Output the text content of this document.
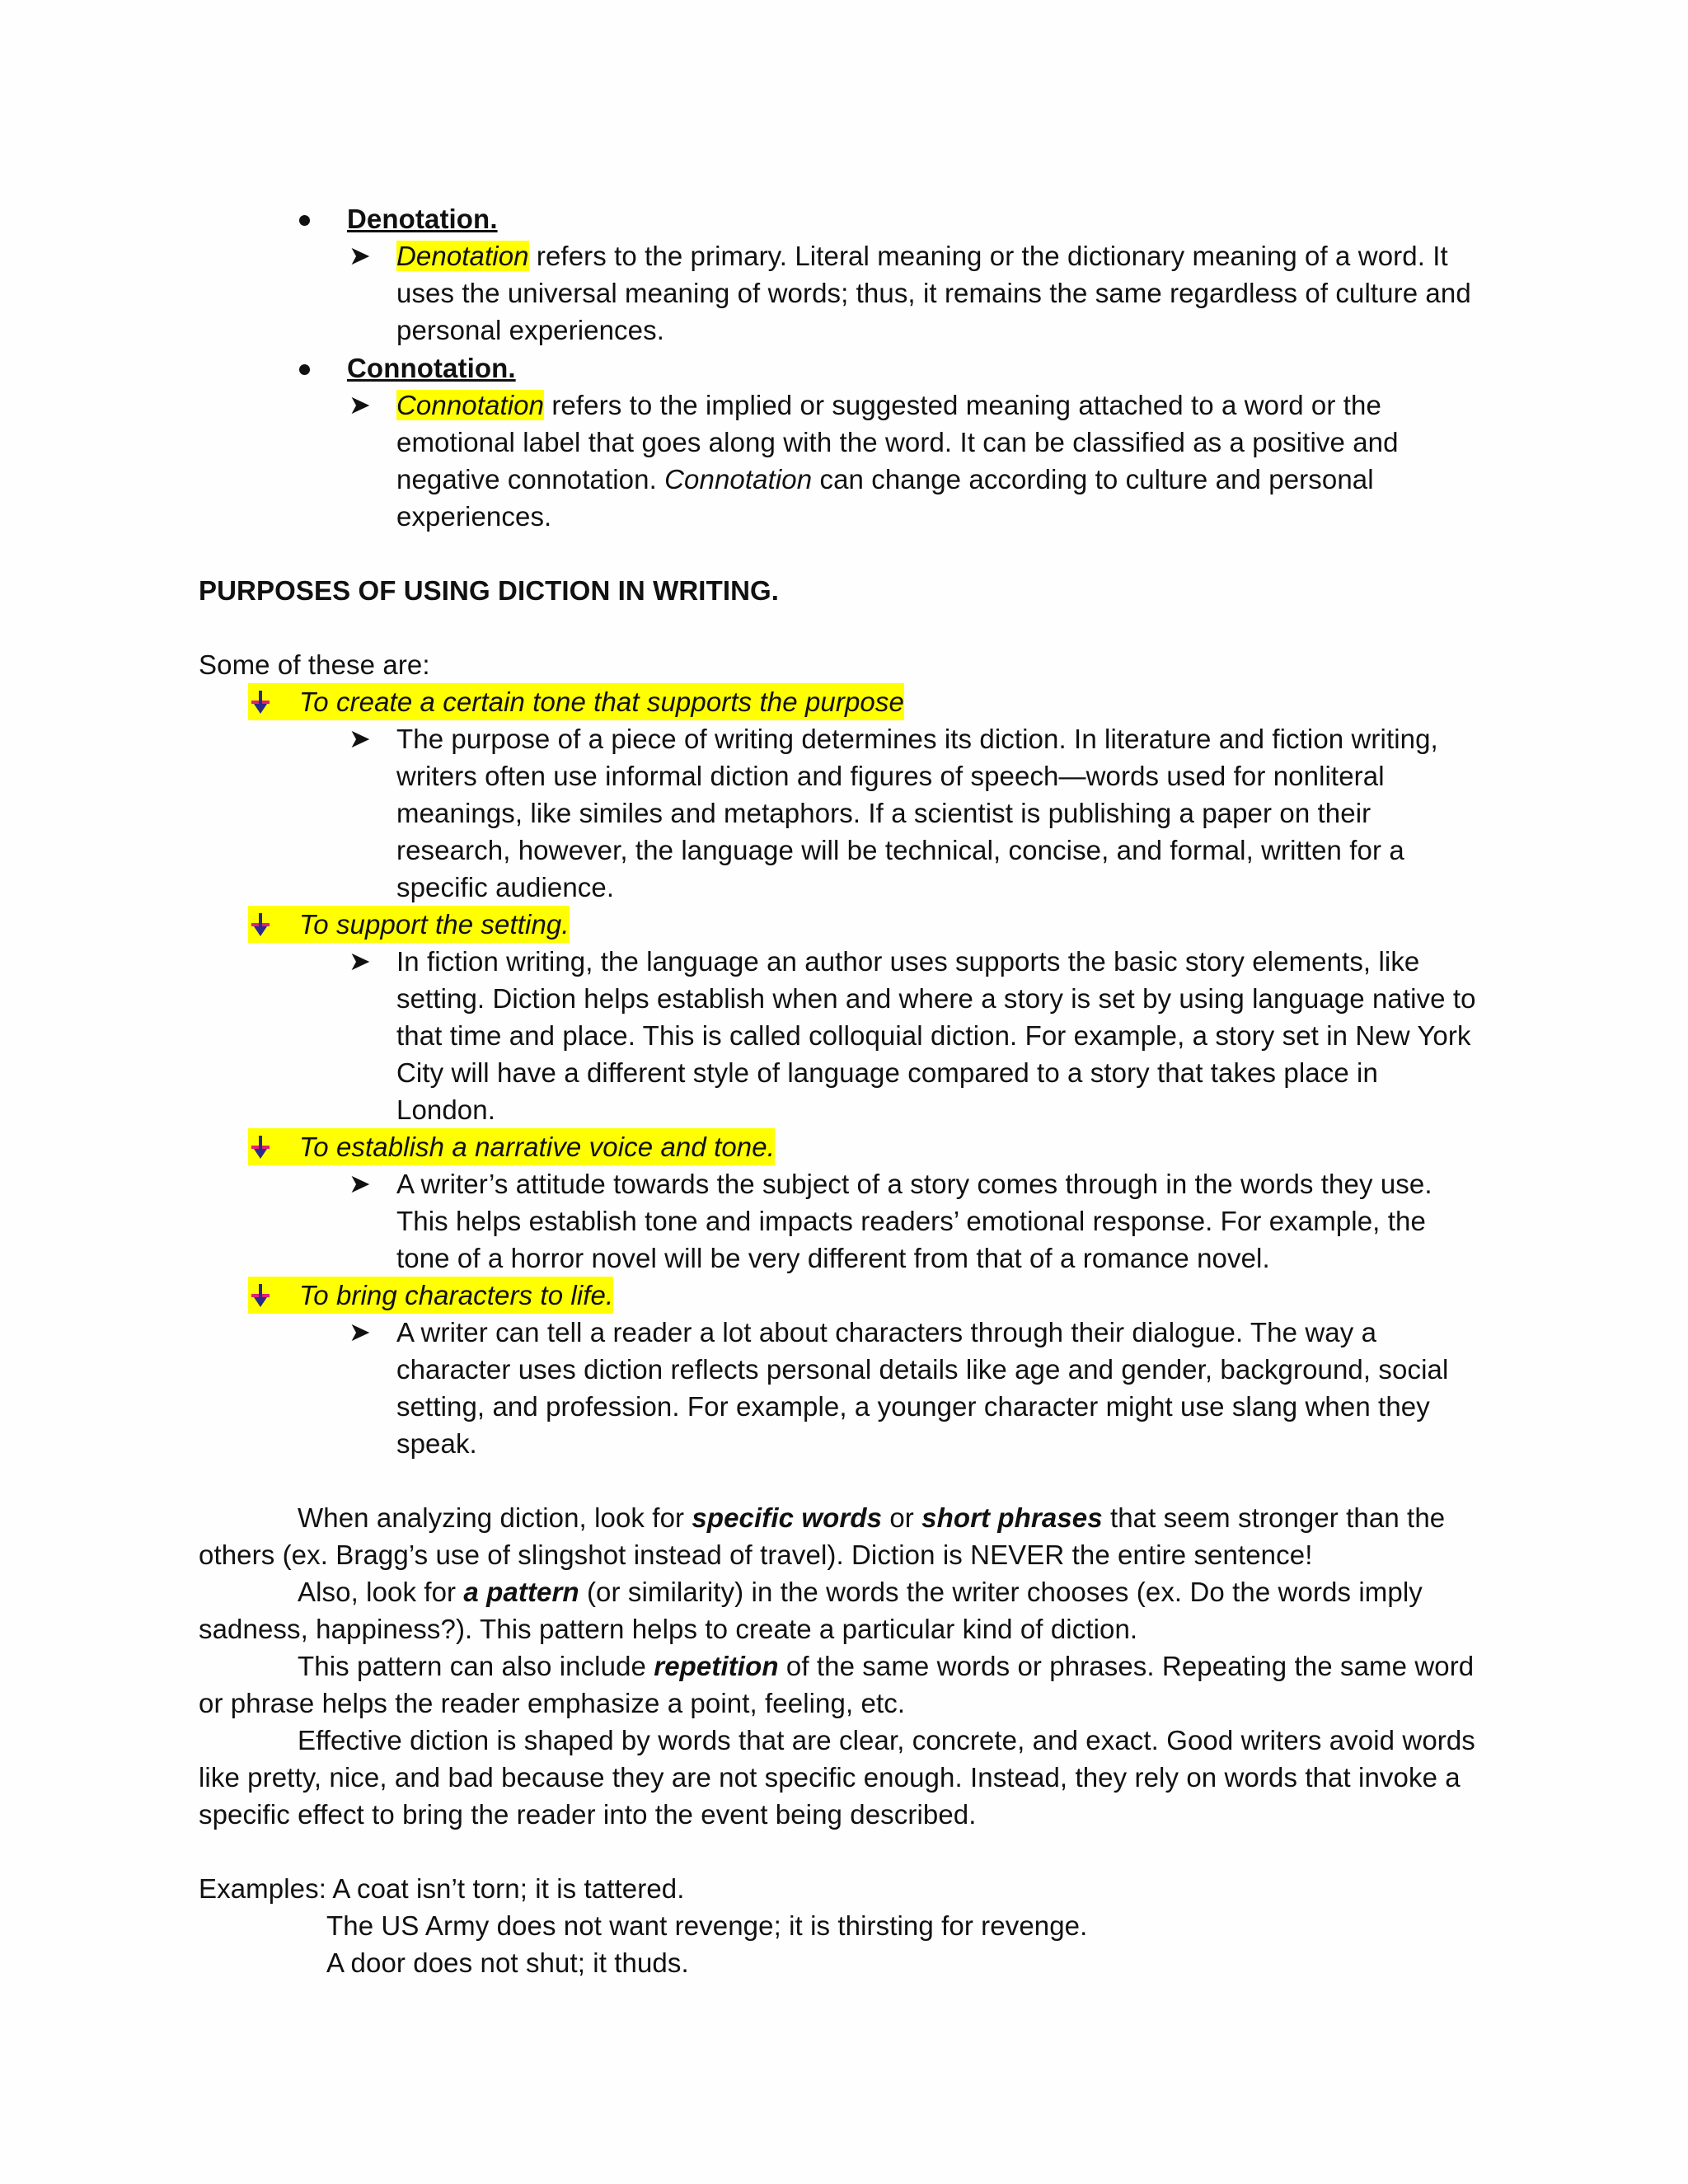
Denotation.
➤ Denotation refers to the primary. Literal meaning or the dictionary meaning of a word. It
uses the universal meaning of words; thus, it remains the same regardless of culture and
personal experiences.
Connotation.
➤ Connotation refers to the implied or suggested meaning attached to a word or the
emotional label that goes along with the word. It can be classified as a positive and
negative connotation. Connotation can change according to culture and personal
experiences.
PURPOSES OF USING DICTION IN WRITING.
Some of these are:
To create a certain tone that supports the purpose
➤ The purpose of a piece of writing determines its diction. In literature and fiction writing,
writers often use informal diction and figures of speech—words used for nonliteral
meanings, like similes and metaphors. If a scientist is publishing a paper on their
research, however, the language will be technical, concise, and formal, written for a
specific audience.
To support the setting.
➤ In fiction writing, the language an author uses supports the basic story elements, like
setting. Diction helps establish when and where a story is set by using language native to
that time and place. This is called colloquial diction. For example, a story set in New York
City will have a different style of language compared to a story that takes place in
London.
To establish a narrative voice and tone.
➤ A writer’s attitude towards the subject of a story comes through in the words they use.
This helps establish tone and impacts readers’ emotional response. For example, the
tone of a horror novel will be very different from that of a romance novel.
To bring characters to life.
➤ A writer can tell a reader a lot about characters through their dialogue. The way a
character uses diction reflects personal details like age and gender, background, social
setting, and profession. For example, a younger character might use slang when they
speak.
When analyzing diction, look for specific words or short phrases that seem stronger than the
others (ex. Bragg’s use of slingshot instead of travel). Diction is NEVER the entire sentence!
Also, look for a pattern (or similarity) in the words the writer chooses (ex. Do the words imply
sadness, happiness?). This pattern helps to create a particular kind of diction.
This pattern can also include repetition of the same words or phrases. Repeating the same word
or phrase helps the reader emphasize a point, feeling, etc.
Effective diction is shaped by words that are clear, concrete, and exact. Good writers avoid words
like pretty, nice, and bad because they are not specific enough. Instead, they rely on words that invoke a
specific effect to bring the reader into the event being described.
Examples: A coat isn’t torn; it is tattered.
The US Army does not want revenge; it is thirsting for revenge.
A door does not shut; it thuds.
